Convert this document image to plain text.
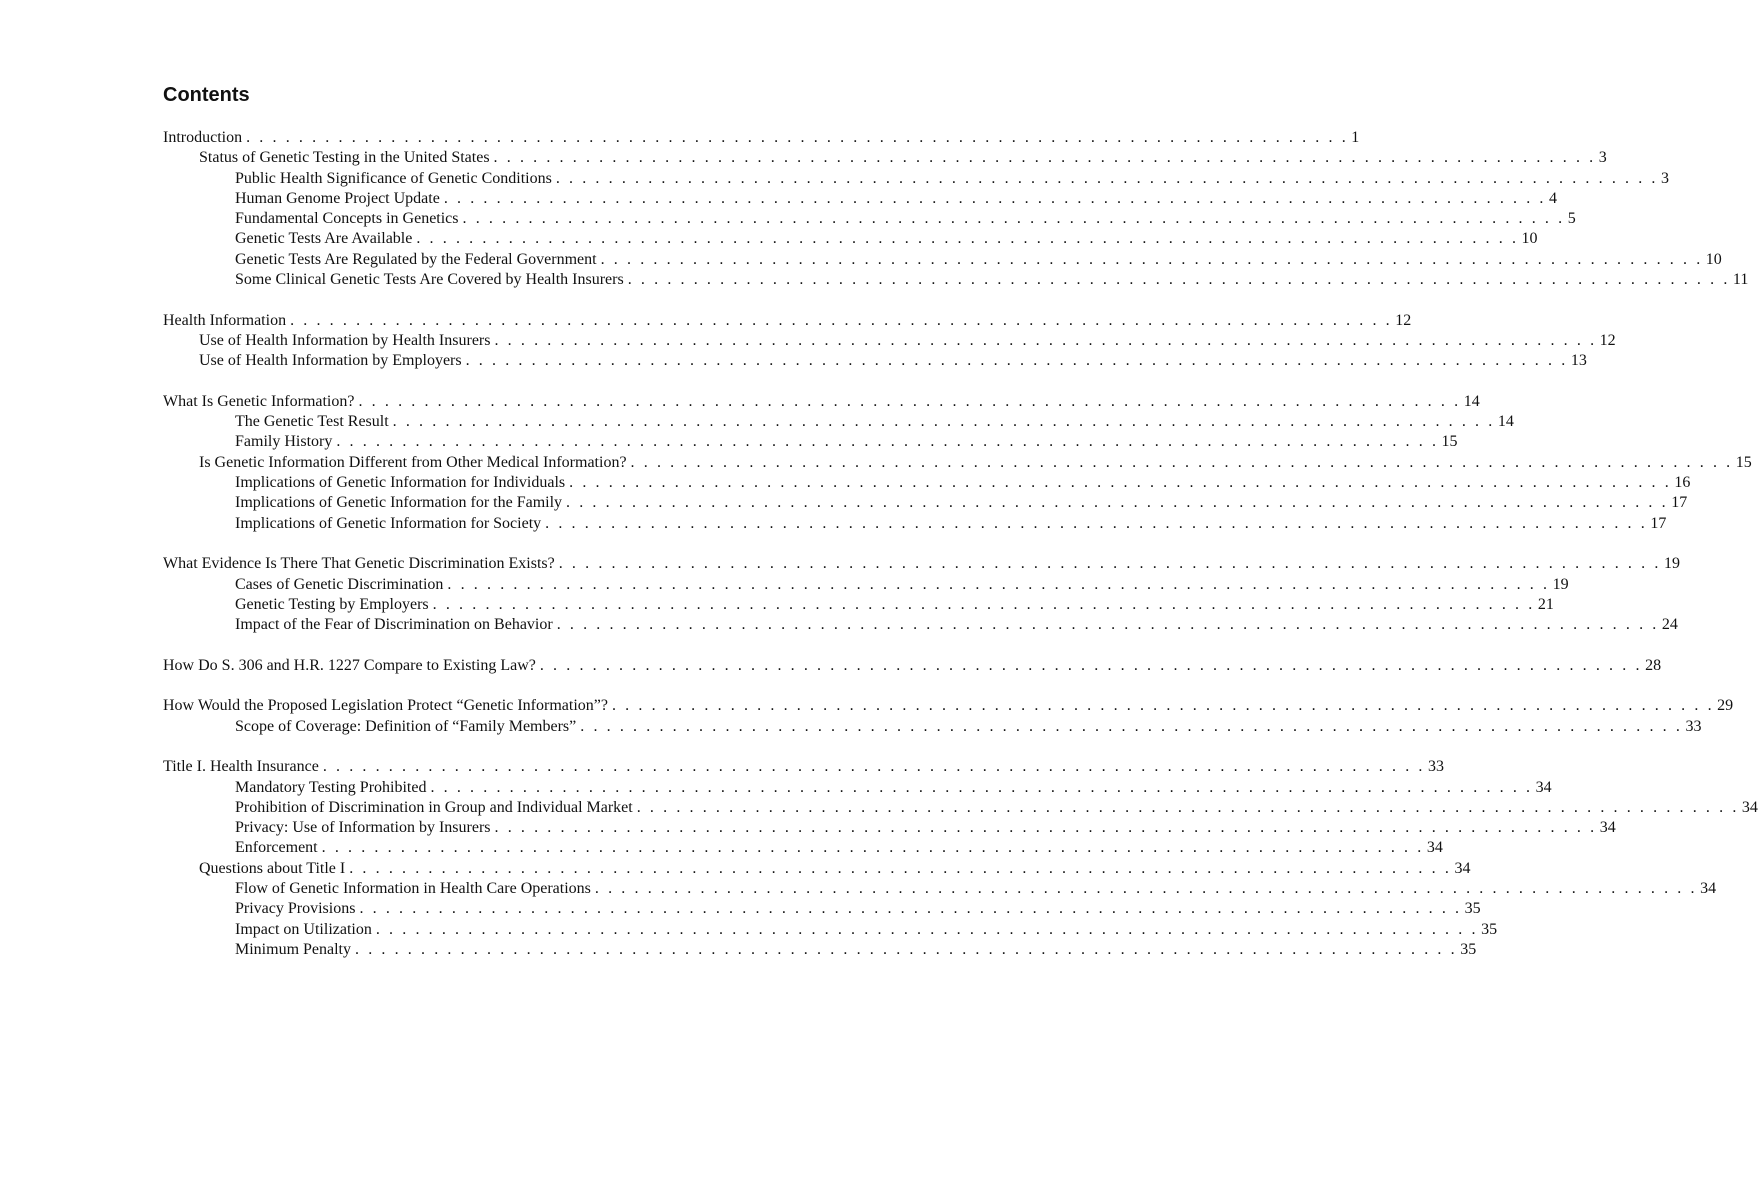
Contents
Introduction . . . . . . . . . . . . . . . . . . . . . . . . . . . . . . . . . . . . . . . . . . . . . . . . . . . . . . . . . . . . . . . . . . . . . . . . . . . . . . . . . . . . 1
Status of Genetic Testing in the United States . . . . . . . . . . . . . . . . . . . . . . . . . . . . . . . . . . . . . . . . . . . . . . . . . . . . . . . . . . . . . . . . . . . . . . . . . . . . . . . . . . . . 3
Public Health Significance of Genetic Conditions . . . . . . . . . . . . . . . . . . . . . . . . . . . . . . . . . . . . . . . . . . . . . . . . . . . . . . . . . . . . . . . . . . . . . . . . . . . . . . . . . . . . 3
Human Genome Project Update . . . . . . . . . . . . . . . . . . . . . . . . . . . . . . . . . . . . . . . . . . . . . . . . . . . . . . . . . . . . . . . . . . . . . . . . . . . . . . . . . . . . 4
Fundamental Concepts in Genetics . . . . . . . . . . . . . . . . . . . . . . . . . . . . . . . . . . . . . . . . . . . . . . . . . . . . . . . . . . . . . . . . . . . . . . . . . . . . . . . . . . . . 5
Genetic Tests Are Available . . . . . . . . . . . . . . . . . . . . . . . . . . . . . . . . . . . . . . . . . . . . . . . . . . . . . . . . . . . . . . . . . . . . . . . . . . . . . . . . . . . . 10
Genetic Tests Are Regulated by the Federal Government . . . . . . . . . . . . . . . . . . . . . . . . . . . . . . . . . . . . . . . . . . . . . . . . . . . . . . . . . . . . . . . . . . . . . . . . . . . . . . . . . . . . 10
Some Clinical Genetic Tests Are Covered by Health Insurers . . . . . . . . . . . . . . . . . . . . . . . . . . . . . . . . . . . . . . . . . . . . . . . . . . . . . . . . . . . . . . . . . . . . . . . . . . . . . . . . . . . . 11
Health Information . . . . . . . . . . . . . . . . . . . . . . . . . . . . . . . . . . . . . . . . . . . . . . . . . . . . . . . . . . . . . . . . . . . . . . . . . . . . . . . . . . . . 12
Use of Health Information by Health Insurers . . . . . . . . . . . . . . . . . . . . . . . . . . . . . . . . . . . . . . . . . . . . . . . . . . . . . . . . . . . . . . . . . . . . . . . . . . . . . . . . . . . . 12
Use of Health Information by Employers . . . . . . . . . . . . . . . . . . . . . . . . . . . . . . . . . . . . . . . . . . . . . . . . . . . . . . . . . . . . . . . . . . . . . . . . . . . . . . . . . . . . 13
What Is Genetic Information? . . . . . . . . . . . . . . . . . . . . . . . . . . . . . . . . . . . . . . . . . . . . . . . . . . . . . . . . . . . . . . . . . . . . . . . . . . . . . . . . . . . . 14
The Genetic Test Result . . . . . . . . . . . . . . . . . . . . . . . . . . . . . . . . . . . . . . . . . . . . . . . . . . . . . . . . . . . . . . . . . . . . . . . . . . . . . . . . . . . . 14
Family History . . . . . . . . . . . . . . . . . . . . . . . . . . . . . . . . . . . . . . . . . . . . . . . . . . . . . . . . . . . . . . . . . . . . . . . . . . . . . . . . . . . . 15
Is Genetic Information Different from Other Medical Information? . . . . . . . . . . . . . . . . . . . . . . . . . . . . . . . . . . . . . . . . . . . . . . . . . . . . . . . . . . . . . . . . . . . . . . . . . . . . . . . . . . . . 15
Implications of Genetic Information for Individuals . . . . . . . . . . . . . . . . . . . . . . . . . . . . . . . . . . . . . . . . . . . . . . . . . . . . . . . . . . . . . . . . . . . . . . . . . . . . . . . . . . . . 16
Implications of Genetic Information for the Family . . . . . . . . . . . . . . . . . . . . . . . . . . . . . . . . . . . . . . . . . . . . . . . . . . . . . . . . . . . . . . . . . . . . . . . . . . . . . . . . . . . . 17
Implications of Genetic Information for Society . . . . . . . . . . . . . . . . . . . . . . . . . . . . . . . . . . . . . . . . . . . . . . . . . . . . . . . . . . . . . . . . . . . . . . . . . . . . . . . . . . . . 17
What Evidence Is There That Genetic Discrimination Exists? . . . . . . . . . . . . . . . . . . . . . . . . . . . . . . . . . . . . . . . . . . . . . . . . . . . . . . . . . . . . . . . . . . . . . . . . . . . . . . . . . . . . 19
Cases of Genetic Discrimination . . . . . . . . . . . . . . . . . . . . . . . . . . . . . . . . . . . . . . . . . . . . . . . . . . . . . . . . . . . . . . . . . . . . . . . . . . . . . . . . . . . . 19
Genetic Testing by Employers . . . . . . . . . . . . . . . . . . . . . . . . . . . . . . . . . . . . . . . . . . . . . . . . . . . . . . . . . . . . . . . . . . . . . . . . . . . . . . . . . . . . 21
Impact of the Fear of Discrimination on Behavior . . . . . . . . . . . . . . . . . . . . . . . . . . . . . . . . . . . . . . . . . . . . . . . . . . . . . . . . . . . . . . . . . . . . . . . . . . . . . . . . . . . . 24
How Do S. 306 and H.R. 1227 Compare to Existing Law? . . . . . . . . . . . . . . . . . . . . . . . . . . . . . . . . . . . . . . . . . . . . . . . . . . . . . . . . . . . . . . . . . . . . . . . . . . . . . . . . . . . . 28
How Would the Proposed Legislation Protect “Genetic Information”? . . . . . . . . . . . . . . . . . . . . . . . . . . . . . . . . . . . . . . . . . . . . . . . . . . . . . . . . . . . . . . . . . . . . . . . . . . . . . . . . . . . . 29
Scope of Coverage: Definition of “Family Members” . . . . . . . . . . . . . . . . . . . . . . . . . . . . . . . . . . . . . . . . . . . . . . . . . . . . . . . . . . . . . . . . . . . . . . . . . . . . . . . . . . . . 33
Title I. Health Insurance . . . . . . . . . . . . . . . . . . . . . . . . . . . . . . . . . . . . . . . . . . . . . . . . . . . . . . . . . . . . . . . . . . . . . . . . . . . . . . . . . . . . 33
Mandatory Testing Prohibited . . . . . . . . . . . . . . . . . . . . . . . . . . . . . . . . . . . . . . . . . . . . . . . . . . . . . . . . . . . . . . . . . . . . . . . . . . . . . . . . . . . . 34
Prohibition of Discrimination in Group and Individual Market . . . . . . . . . . . . . . . . . . . . . . . . . . . . . . . . . . . . . . . . . . . . . . . . . . . . . . . . . . . . . . . . . . . . . . . . . . . . . . . . . . . . 34
Privacy: Use of Information by Insurers . . . . . . . . . . . . . . . . . . . . . . . . . . . . . . . . . . . . . . . . . . . . . . . . . . . . . . . . . . . . . . . . . . . . . . . . . . . . . . . . . . . . 34
Enforcement . . . . . . . . . . . . . . . . . . . . . . . . . . . . . . . . . . . . . . . . . . . . . . . . . . . . . . . . . . . . . . . . . . . . . . . . . . . . . . . . . . . . 34
Questions about Title I . . . . . . . . . . . . . . . . . . . . . . . . . . . . . . . . . . . . . . . . . . . . . . . . . . . . . . . . . . . . . . . . . . . . . . . . . . . . . . . . . . . . 34
Flow of Genetic Information in Health Care Operations . . . . . . . . . . . . . . . . . . . . . . . . . . . . . . . . . . . . . . . . . . . . . . . . . . . . . . . . . . . . . . . . . . . . . . . . . . . . . . . . . . . . 34
Privacy Provisions . . . . . . . . . . . . . . . . . . . . . . . . . . . . . . . . . . . . . . . . . . . . . . . . . . . . . . . . . . . . . . . . . . . . . . . . . . . . . . . . . . . . 35
Impact on Utilization . . . . . . . . . . . . . . . . . . . . . . . . . . . . . . . . . . . . . . . . . . . . . . . . . . . . . . . . . . . . . . . . . . . . . . . . . . . . . . . . . . . . 35
Minimum Penalty . . . . . . . . . . . . . . . . . . . . . . . . . . . . . . . . . . . . . . . . . . . . . . . . . . . . . . . . . . . . . . . . . . . . . . . . . . . . . . . . . . . . 35
